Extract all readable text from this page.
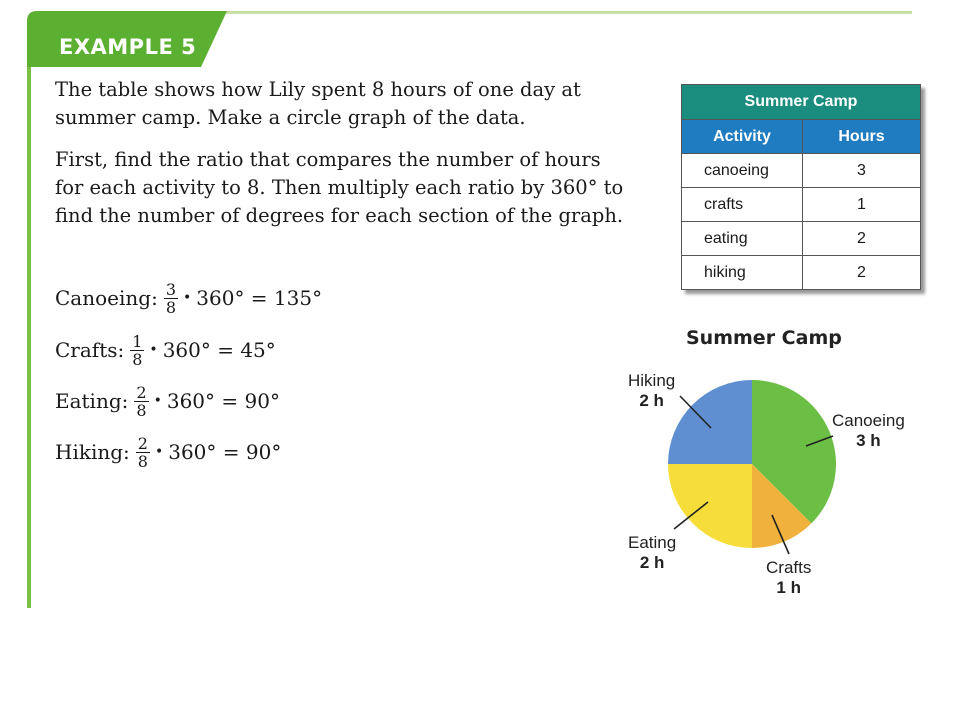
EXAMPLE 5

The table shows how Lily spent 8 hours of one day at summer camp. Make a circle graph of the data.

First, find the ratio that compares the number of hours for each activity to 8. Then multiply each ratio by 360° to find the number of degrees for each section of the graph.

Canoeing: $\frac{3}{8}$ • 360° = 135°
Crafts: $\frac{1}{8}$ • 360° = 45°
Eating: $\frac{2}{8}$ • 360° = 90°
Hiking: $\frac{2}{8}$ • 360° = 90°
Summer Camp	
Activity	Hours
canoeing	3
crafts	1
eating	2
hiking	2
Summer Camp
Hiking
2 h
Canoeing
3 h
Eating
2 h	Crafts
1 h
